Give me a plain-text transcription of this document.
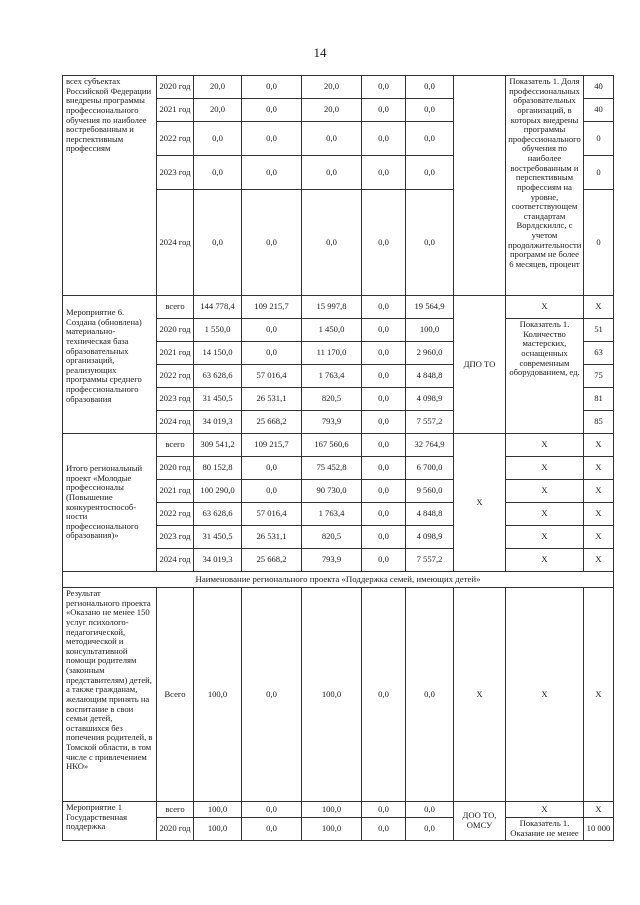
14
всех субъектах Российской Федерации внедрены программы профессионального обучения по наиболее востребованным и перспективным профессиям	2020 год	20,0	0,0	20,0	0,0	0,0		Показатель 1. Доля профессиональных образовательных организаций, в которых внедрены программы профессионального обучения по наиболее востребованным и перспективным профессиям на уровне, соответствующем стандартам Ворлдскиллс, с учетом продолжительности программ не более 6 месяцев, процент	40
	2021 год	20,0	0,0	20,0	0,0	0,0			40
	2022 год	0,0	0,0	0,0	0,0	0,0			0
	2023 год	0,0	0,0	0,0	0,0	0,0			0
	2024 год	0,0	0,0	0,0	0,0	0,0			0
Мероприятие 6. Создана (обновлена) материально-техническая база образовательных организаций, реализующих программы среднего профессионального образования	всего	144 778,4	109 215,7	15 997,8	0,0	19 564,9	ДПО ТО	Х	Х
	2020 год	1 550,0	0,0	1 450,0	0,0	100,0		Показатель 1. Количество мастерских, оснащенных современным оборудованием, ед.	51
	2021 год	14 150,0	0,0	11 170,0	0,0	2 960,0			63
	2022 год	63 628,6	57 016,4	1 763,4	0,0	4 848,8			75
	2023 год	31 450,5	26 531,1	820,5	0,0	4 098,9			81
	2024 год	34 019,3	25 668,2	793,9	0,0	7 557,2			85
Итого региональный проект «Молодые профессионалы (Повышение конкурентоспособ-ности профессионального образования)»	всего	309 541,2	109 215,7	167 560,6	0,0	32 764,9	Х	Х	Х
	2020 год	80 152,8	0,0	75 452,8	0,0	6 700,0		Х	Х
	2021 год	100 290,0	0,0	90 730,0	0,0	9 560,0		Х	Х
	2022 год	63 628,6	57 016,4	1 763,4	0,0	4 848,8		Х	Х
	2023 год	31 450,5	26 531,1	820,5	0,0	4 098,9		Х	Х
	2024 год	34 019,3	25 668,2	793,9	0,0	7 557,2		Х	Х
Наименование регионального проекта «Поддержка семей, имеющих детей»									
Результат регионального проекта «Оказано не менее 150 услуг психолого-педагогической, методической и консультативной помощи родителям (законным представителям) детей, а также гражданам, желающим принять на воспитание в свои семьи детей, оставшихся без попечения родителей, в Томской области, в том числе с привлечением НКО»	Всего	100,0	0,0	100,0	0,0	0,0	Х	Х	Х
Мероприятие 1 Государственная поддержка	всего	100,0	0,0	100,0	0,0	0,0	ДОО ТО, ОМСУ	Х	Х
	2020 год	100,0	0,0	100,0	0,0	0,0		Показатель 1. Оказание не менее	10 000
